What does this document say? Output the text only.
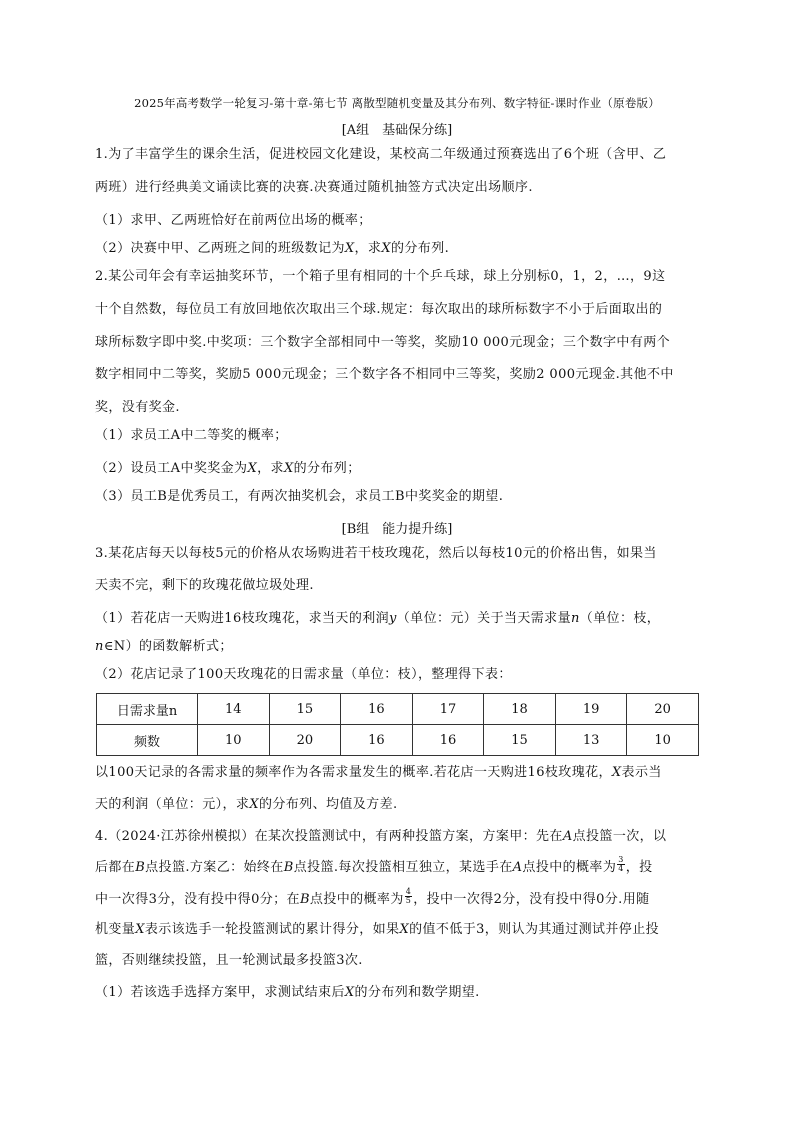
2025年高考数学一轮复习-第十章-第七节 离散型随机变量及其分布列、数字特征-课时作业（原卷版）
[A组　基础保分练]
1.为了丰富学生的课余生活，促进校园文化建设，某校高二年级通过预赛选出了6个班（含甲、乙
两班）进行经典美文诵读比赛的决赛.决赛通过随机抽签方式决定出场顺序.
（1）求甲、乙两班恰好在前两位出场的概率；
（2）决赛中甲、乙两班之间的班级数记为X，求X的分布列.
2.某公司年会有幸运抽奖环节，一个箱子里有相同的十个乒乓球，球上分别标0，1，2，…，9这
十个自然数，每位员工有放回地依次取出三个球.规定：每次取出的球所标数字不小于后面取出的
球所标数字即中奖.中奖项：三个数字全部相同中一等奖，奖励10 000元现金；三个数字中有两个
数字相同中二等奖，奖励5 000元现金；三个数字各不相同中三等奖，奖励2 000元现金.其他不中
奖，没有奖金.
（1）求员工A中二等奖的概率；
（2）设员工A中奖奖金为X，求X的分布列；
（3）员工B是优秀员工，有两次抽奖机会，求员工B中奖奖金的期望.
[B组　能力提升练]
3.某花店每天以每枝5元的价格从农场购进若干枝玫瑰花，然后以每枝10元的价格出售，如果当
天卖不完，剩下的玫瑰花做垃圾处理.
（1）若花店一天购进16枝玫瑰花，求当天的利润y（单位：元）关于当天需求量n（单位：枝，
n∈N）的函数解析式；
（2）花店记录了100天玫瑰花的日需求量（单位：枝），整理得下表：
日需求量n	14	15	16	17	18	19	20
频数	10	20	16	16	15	13	10
以100天记录的各需求量的频率作为各需求量发生的概率.若花店一天购进16枝玫瑰花，X表示当
天的利润（单位：元），求X的分布列、均值及方差.
4.（2024·江苏徐州模拟）在某次投篮测试中，有两种投篮方案，方案甲：先在A点投篮一次，以
后都在B点投篮.方案乙：始终在B点投篮.每次投篮相互独立，某选手在A点投中的概率为 $\frac{3}{4}$ ，投
中一次得3分，没有投中得0分；在B点投中的概率为 $\frac{4}{5}$ ，投中一次得2分，没有投中得0分.用随
机变量X表示该选手一轮投篮测试的累计得分，如果X的值不低于3，则认为其通过测试并停止投
篮，否则继续投篮，且一轮测试最多投篮3次.
（1）若该选手选择方案甲，求测试结束后X的分布列和数学期望.
